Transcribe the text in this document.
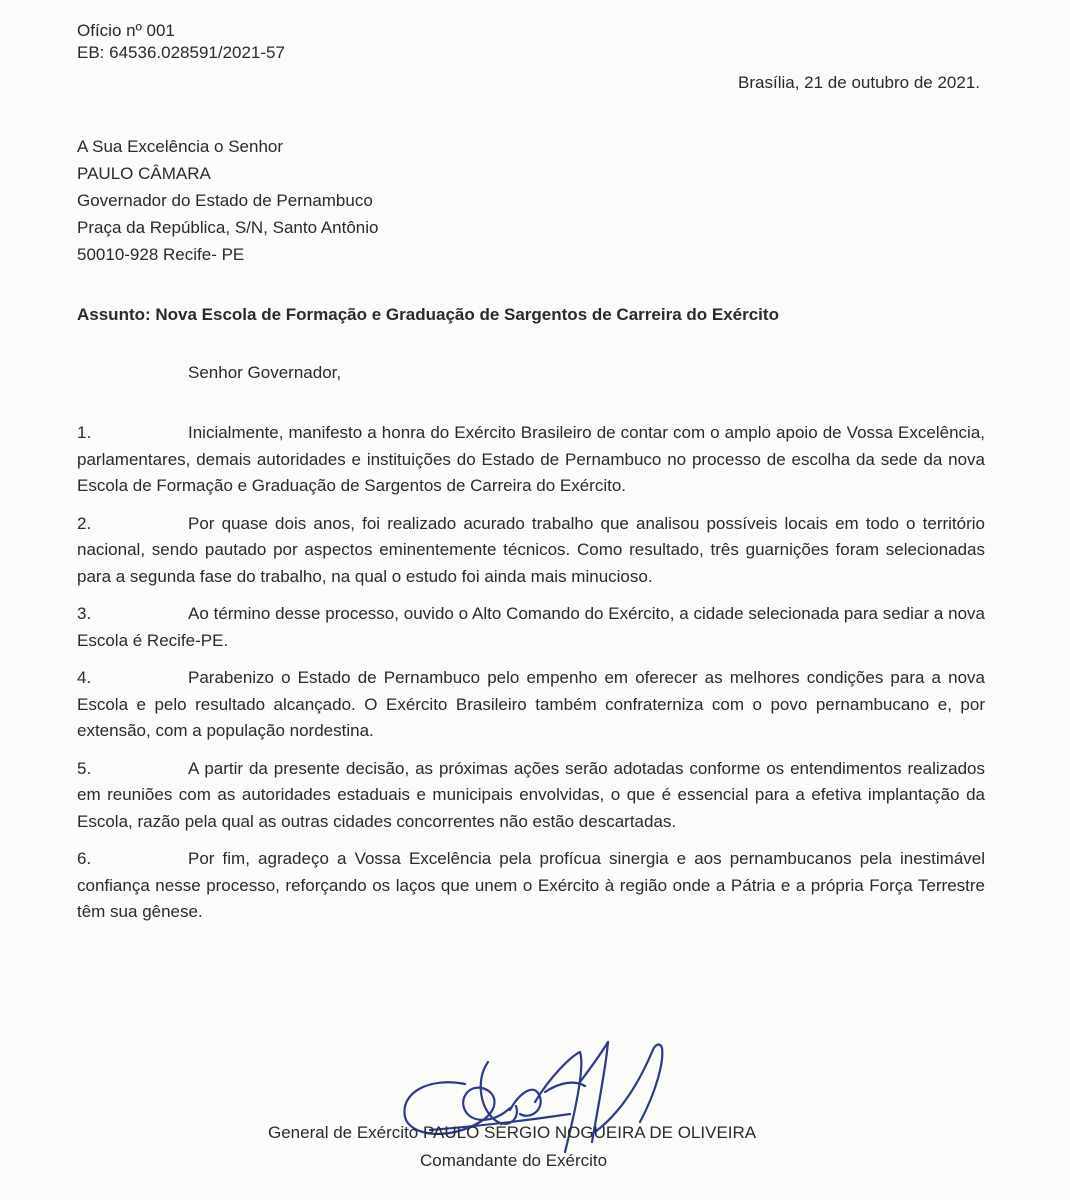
Ofício nº 001
EB: 64536.028591/2021-57
Brasília, 21 de outubro de 2021.
A Sua Excelência o Senhor
PAULO CÂMARA
Governador do Estado de Pernambuco
Praça da República, S/N, Santo Antônio
50010-928 Recife- PE
Assunto: Nova Escola de Formação e Graduação de Sargentos de Carreira do Exército
Senhor Governador,

1.	Inicialmente, manifesto a honra do Exército Brasileiro de contar com o amplo apoio de Vossa Excelência, parlamentares, demais autoridades e instituições do Estado de Pernambuco no processo de escolha da sede da nova Escola de Formação e Graduação de Sargentos de Carreira do Exército.

2.	Por quase dois anos, foi realizado acurado trabalho que analisou possíveis locais em todo o território nacional, sendo pautado por aspectos eminentemente técnicos. Como resultado, três guarnições foram selecionadas para a segunda fase do trabalho, na qual o estudo foi ainda mais minucioso.

3.	Ao término desse processo, ouvido o Alto Comando do Exército, a cidade selecionada para sediar a nova Escola é Recife-PE.

4.	Parabenizo o Estado de Pernambuco pelo empenho em oferecer as melhores condições para a nova Escola e pelo resultado alcançado. O Exército Brasileiro também confraterniza com o povo pernambucano e, por extensão, com a população nordestina.

5.	A partir da presente decisão, as próximas ações serão adotadas conforme os entendimentos realizados em reuniões com as autoridades estaduais e municipais envolvidas, o que é essencial para a efetiva implantação da Escola, razão pela qual as outras cidades concorrentes não estão descartadas.

6.	Por fim, agradeço a Vossa Excelência pela profícua sinergia e aos pernambucanos pela inestimável confiança nesse processo, reforçando os laços que unem o Exército à região onde a Pátria e a própria Força Terrestre têm sua gênese.

General de Exército PAULO SÉRGIO NOGUEIRA DE OLIVEIRA
Comandante do Exército
